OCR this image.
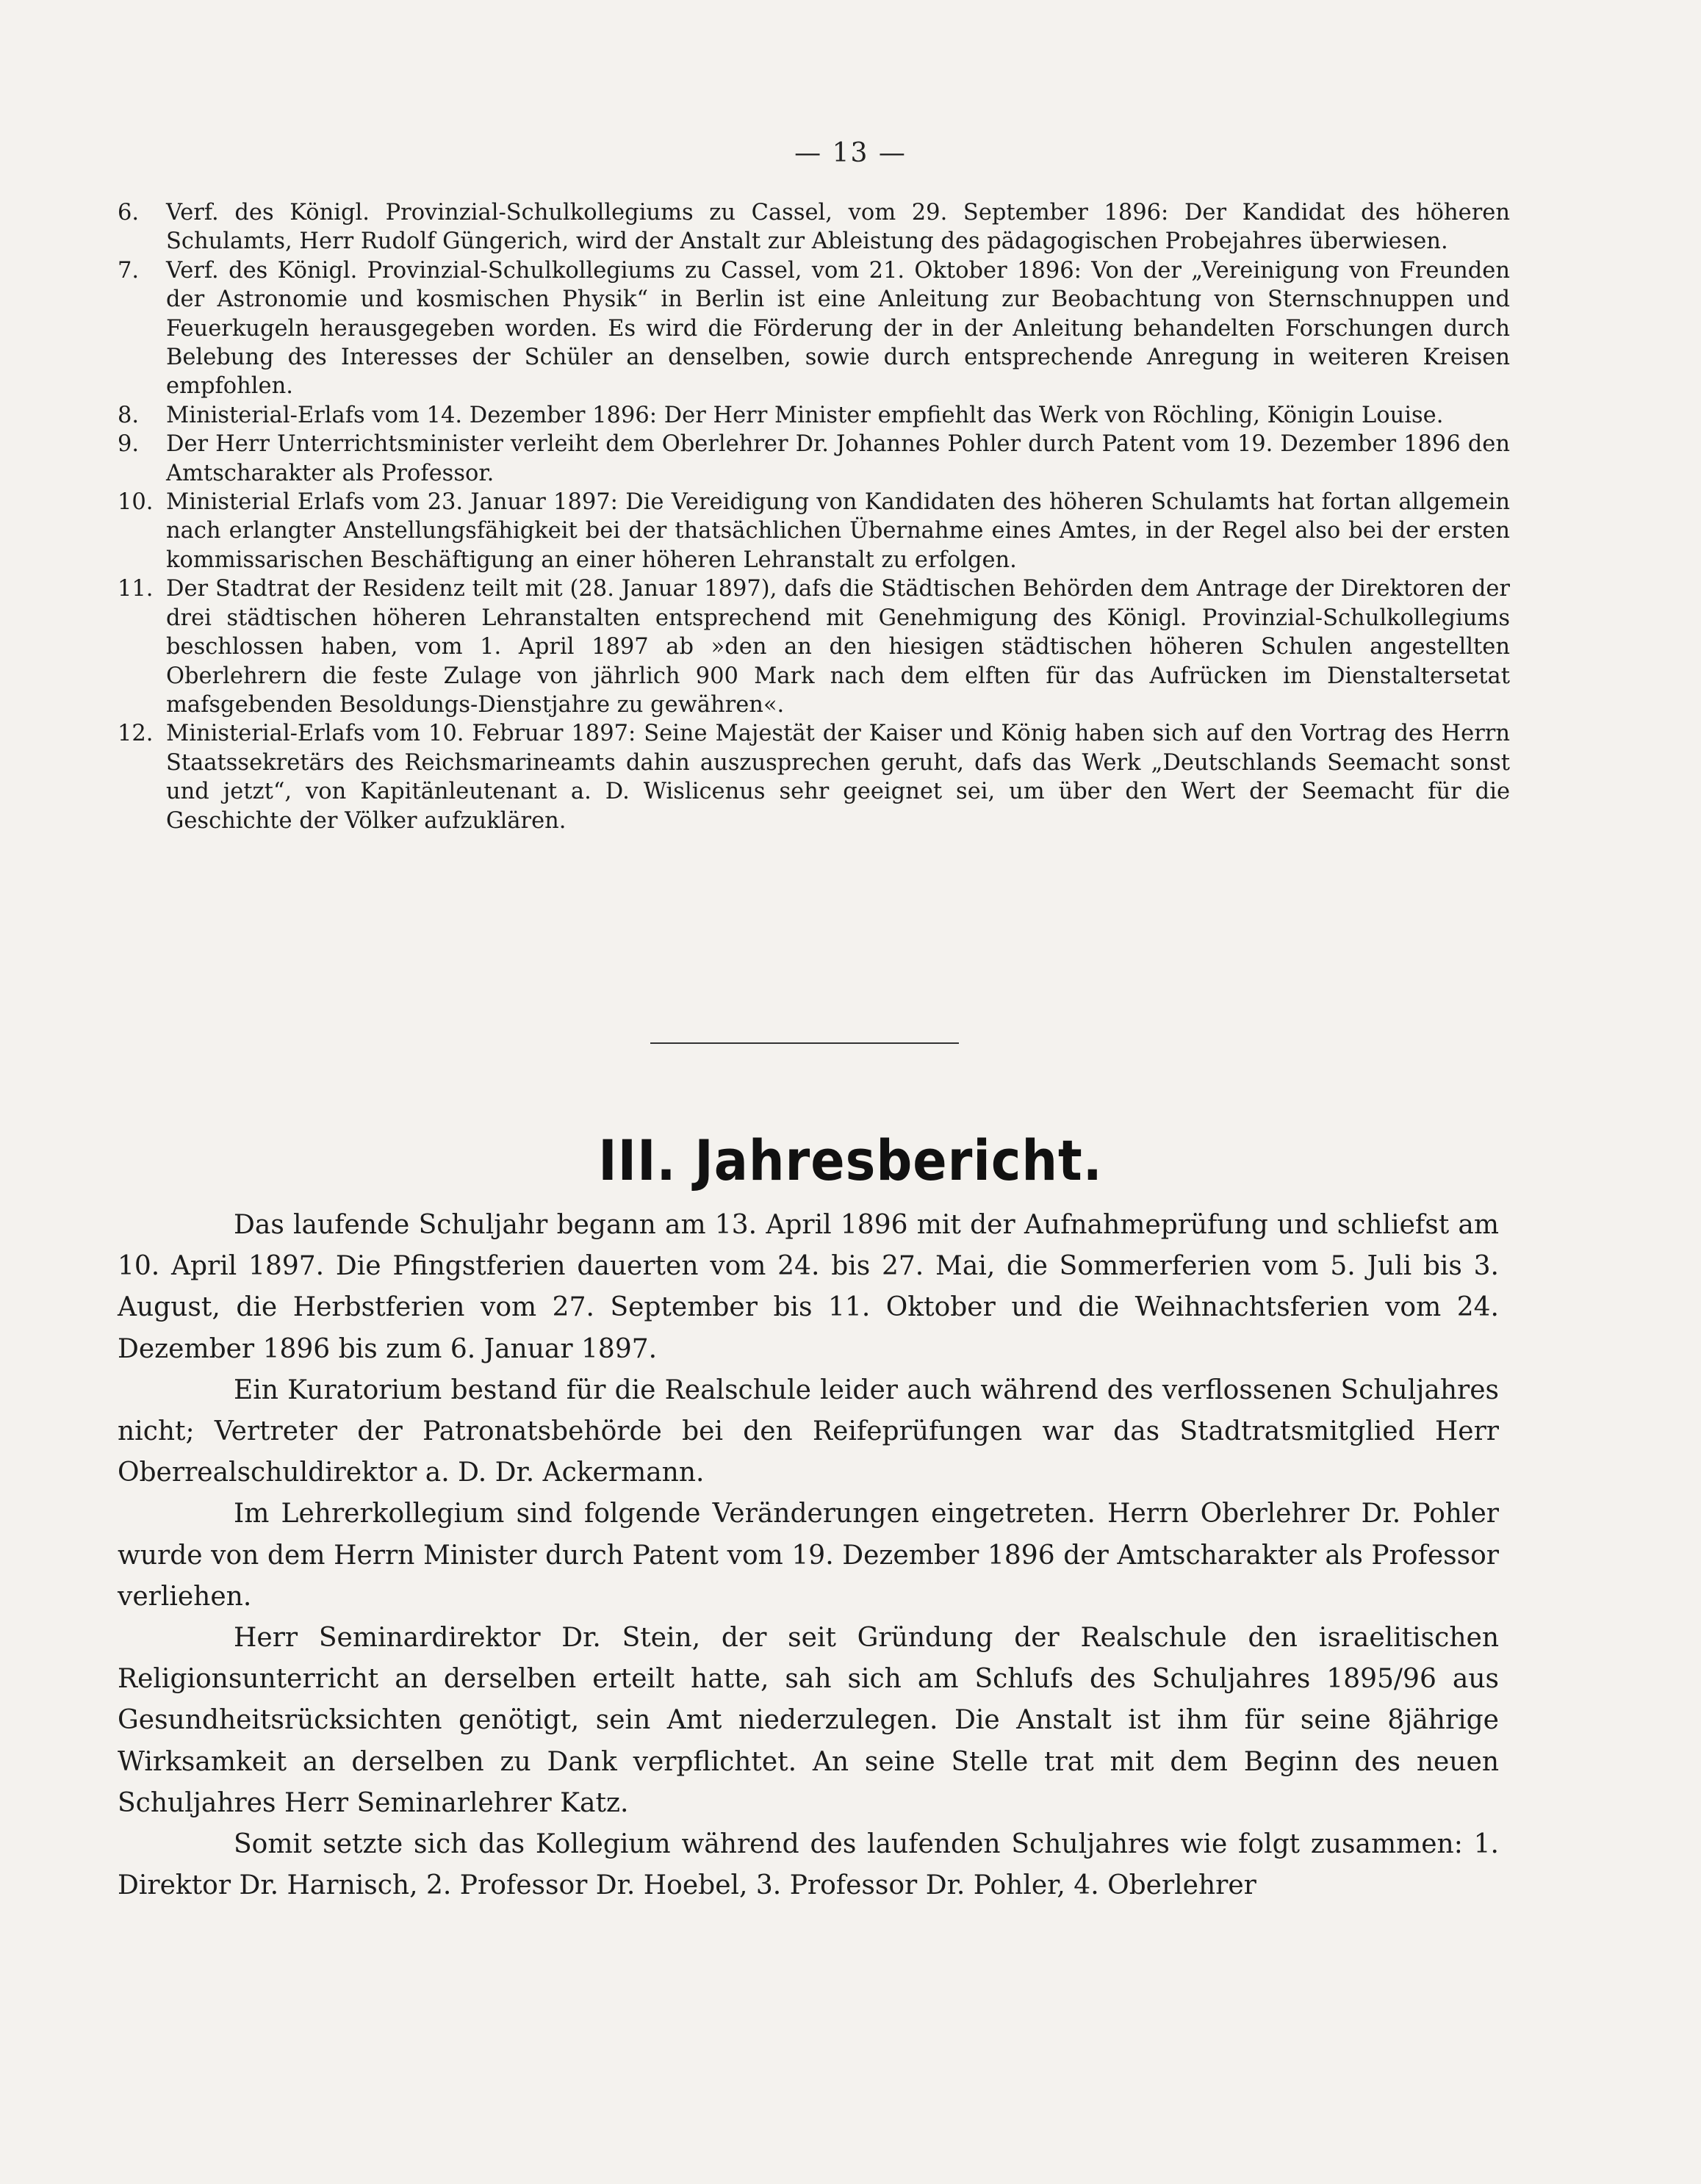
— 13 —
6.	Verf. des Königl. Provinzial-Schulkollegiums zu Cassel, vom 29. September 1896: Der Kandidat des höheren Schulamts, Herr Rudolf Güngerich, wird der Anstalt zur Ableistung des pädagogischen Probejahres überwiesen.
7.	Verf. des Königl. Provinzial-Schulkollegiums zu Cassel, vom 21. Oktober 1896: Von der „Vereinigung von Freunden der Astronomie und kosmischen Physik“ in Berlin ist eine Anleitung zur Beobachtung von Sternschnuppen und Feuerkugeln herausgegeben worden. Es wird die Förderung der in der Anleitung behandelten Forschungen durch Belebung des Interesses der Schüler an denselben, sowie durch entsprechende Anregung in weiteren Kreisen empfohlen.
8.	Ministerial-Erlafs vom 14. Dezember 1896: Der Herr Minister empfiehlt das Werk von Röchling, Königin Louise.
9.	Der Herr Unterrichtsminister verleiht dem Oberlehrer Dr. Johannes Pohler durch Patent vom 19. Dezember 1896 den Amtscharakter als Professor.
10. Ministerial Erlafs vom 23. Januar 1897: Die Vereidigung von Kandidaten des höheren Schulamts hat fortan allgemein nach erlangter Anstellungsfähigkeit bei der thatsächlichen Übernahme eines Amtes, in der Regel also bei der ersten kommissarischen Beschäftigung an einer höheren Lehranstalt zu erfolgen.
11. Der Stadtrat der Residenz teilt mit (28. Januar 1897), dafs die Städtischen Behörden dem Antrage der Direktoren der drei städtischen höheren Lehranstalten entsprechend mit Genehmigung des Königl. Provinzial-Schulkollegiums beschlossen haben, vom 1. April 1897 ab »den an den hiesigen städtischen höheren Schulen angestellten Oberlehrern die feste Zulage von jährlich 900 Mark nach dem elften für das Aufrücken im Dienstaltersetat mafsgebenden Besoldungs-Dienstjahre zu gewähren«.
12. Ministerial-Erlafs vom 10. Februar 1897: Seine Majestät der Kaiser und König haben sich auf den Vortrag des Herrn Staatssekretärs des Reichsmarineamts dahin auszusprechen geruht, dafs das Werk „Deutschlands Seemacht sonst und jetzt“, von Kapitänleutenant a. D. Wislicenus sehr geeignet sei, um über den Wert der Seemacht für die Geschichte der Völker aufzuklären.
III. Jahresbericht.

Das laufende Schuljahr begann am 13. April 1896 mit der Aufnahmeprüfung und schliefst am 10. April 1897. Die Pfingstferien dauerten vom 24. bis 27. Mai, die Sommerferien vom 5. Juli bis 3. August, die Herbstferien vom 27. September bis 11. Oktober und die Weihnachtsferien vom 24. Dezember 1896 bis zum 6. Januar 1897.

Ein Kuratorium bestand für die Realschule leider auch während des verflossenen Schuljahres nicht; Vertreter der Patronatsbehörde bei den Reifeprüfungen war das Stadtratsmitglied Herr Oberrealschuldirektor a. D. Dr. Ackermann.

Im Lehrerkollegium sind folgende Veränderungen eingetreten. Herrn Oberlehrer Dr. Pohler wurde von dem Herrn Minister durch Patent vom 19. Dezember 1896 der Amtscharakter als Professor verliehen.

Herr Seminardirektor Dr. Stein, der seit Gründung der Realschule den israelitischen Religionsunterricht an derselben erteilt hatte, sah sich am Schlufs des Schuljahres 1895/96 aus Gesundheitsrücksichten genötigt, sein Amt niederzulegen. Die Anstalt ist ihm für seine 8jährige Wirksamkeit an derselben zu Dank verpflichtet. An seine Stelle trat mit dem Beginn des neuen Schuljahres Herr Seminarlehrer Katz.

Somit setzte sich das Kollegium während des laufenden Schuljahres wie folgt zusammen: 1. Direktor Dr. Harnisch, 2. Professor Dr. Hoebel, 3. Professor Dr. Pohler, 4. Oberlehrer
